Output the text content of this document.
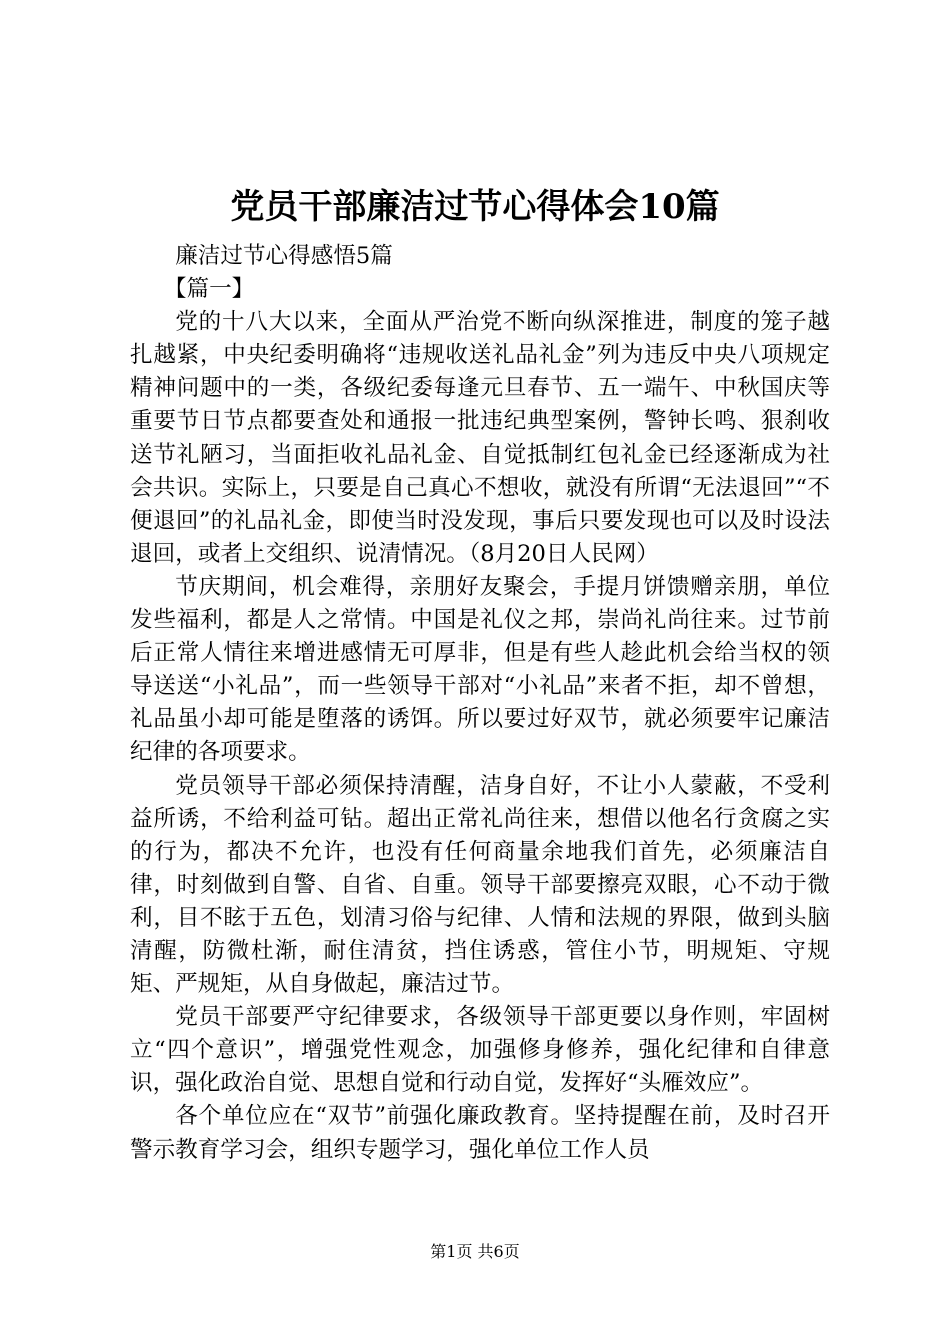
党员干部廉洁过节心得体会10篇

廉洁过节心得感悟5篇

【篇一】

党的十八大以来，全面从严治党不断向纵深推进，制度的笼子越扎越紧，中央纪委明确将“违规收送礼品礼金”列为违反中央八项规定精神问题中的一类，各级纪委每逢元旦春节、五一端午、中秋国庆等重要节日节点都要查处和通报一批违纪典型案例，警钟长鸣、狠刹收送节礼陋习，当面拒收礼品礼金、自觉抵制红包礼金已经逐渐成为社会共识。实际上，只要是自己真心不想收，就没有所谓“无法退回”“不便退回”的礼品礼金，即使当时没发现，事后只要发现也可以及时设法退回，或者上交组织、说清情况。（8月20日人民网）

节庆期间，机会难得，亲朋好友聚会，手提月饼馈赠亲朋，单位发些福利，都是人之常情。中国是礼仪之邦，崇尚礼尚往来。过节前后正常人情往来增进感情无可厚非，但是有些人趁此机会给当权的领导送送“小礼品”，而一些领导干部对“小礼品”来者不拒，却不曾想，礼品虽小却可能是堕落的诱饵。所以要过好双节，就必须要牢记廉洁纪律的各项要求。

党员领导干部必须保持清醒，洁身自好，不让小人蒙蔽，不受利益所诱，不给利益可钻。超出正常礼尚往来，想借以他名行贪腐之实的行为，都决不允许，也没有任何商量余地我们首先，必须廉洁自律，时刻做到自警、自省、自重。领导干部要擦亮双眼，心不动于微利，目不眩于五色，划清习俗与纪律、人情和法规的界限，做到头脑清醒，防微杜渐，耐住清贫，挡住诱惑，管住小节，明规矩、守规矩、严规矩，从自身做起，廉洁过节。

党员干部要严守纪律要求，各级领导干部更要以身作则，牢固树立“四个意识”，增强党性观念，加强修身修养，强化纪律和自律意识，强化政治自觉、思想自觉和行动自觉，发挥好“头雁效应”。

各个单位应在“双节”前强化廉政教育。坚持提醒在前，及时召开警示教育学习会，组织专题学习，强化单位工作人员

第1页 共6页
